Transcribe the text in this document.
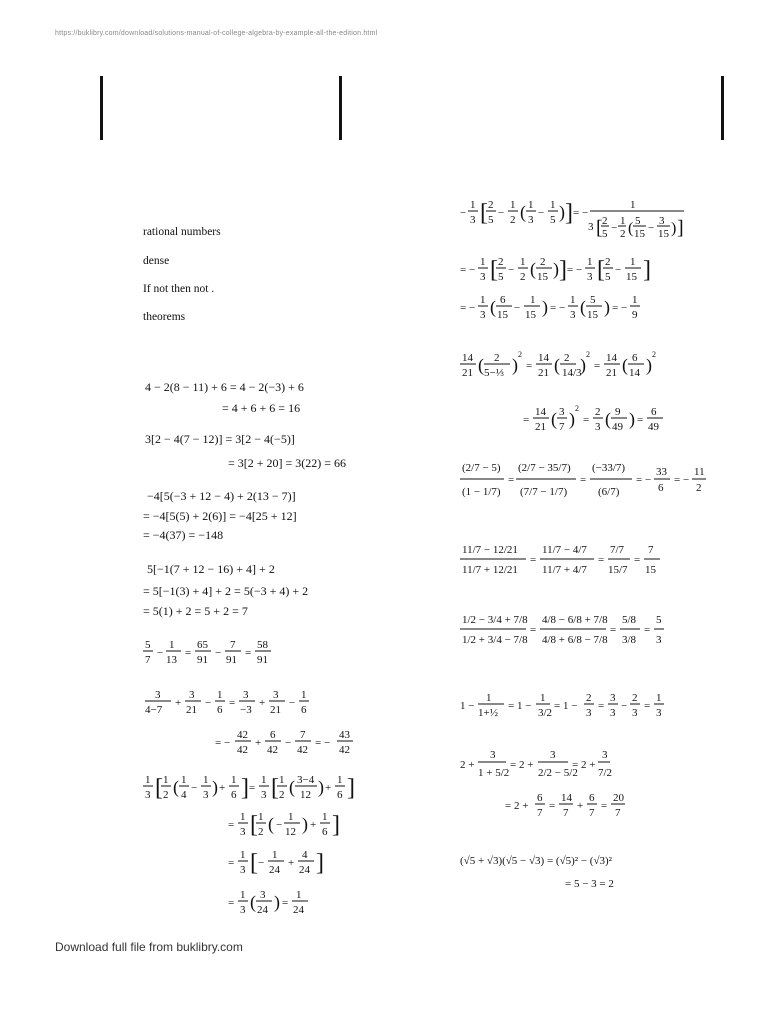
https://buklibry.com/download/solutions-manual-of-college-algebra-by-example-all-the-edition.html
rational numbers
dense
If not then not .
theorems
4 − 2(8 − 11) + 6 = 4 − 2(−3) + 6
= 4 + 6 + 6 = 16
3[2 − 4(7 − 12)] = 3[2 − 4(−5)]
= 3[2 + 20] = 3(22) = 66
−4[5(−3 + 12 − 4) + 2(13 − 7)]
= −4[5(5) + 2(6)] = −4[25 + 12]
= −4(37) = −148
5[−1(7 + 12 − 16) + 4] + 2
= 5[−1(3) + 4] + 2 = 5(−3 + 4) + 2
= 5(1) + 2 = 5 + 2 = 7
5
7
−
1
13
=
65
91
−
7
91
=
58
91
3
4−7
+
3
21
−
1
6
=
3
−3
+
3
21
−
1
6
= −
42
42
+
6
42
−
7
42
= −
43
42
1
3 [ 1
2 ( 1
4
−
1
3 ) +
1
6 ] =
1
3 [ 1
2 ( 3−4
12 ) +
1
6 ]
=
1
3 [ 1
2 ( −
1
12 ) +
1
6 ]
=
1
3 [ −
1
24
+
4
24 ]
=
1
3 ( 3
24 ) =
1
24
−
1
3 [ 2
5
−
1
2 ( 1
3
−
1
5 ) ] = −
1
3 [ 2
5 −
1
2 ( 5
15 −
3
15 ) ]
= −
1
3 [ 2
5
−
1
2 ( 2
15 ) ] = −
1
3 [ 2
5
−
1
15 ]
= −
1
3 ( 6
15
−
1
15 ) = −
1
3 ( 5
15 ) = −
1
9
14
21 ( 2
5−⅓ )
2
=
14
21 ( 2
14/3
)
2
=
14
21 ( 6
14 )
2
=
14
21 ( 3
7 )
2
=
2
3 ( 9
49 ) =
6
49
(2/7 − 5)
(1 − 1/7)
=
(2/7 − 35/7)
(7/7 − 1/7)
=
(−33/7)
(6/7)
= −
33
6
= −
11
2
11/7 − 12/21
11/7 + 12/21
=
11/7 − 4/7
11/7 + 4/7
=
7/7
15/7
=
7
15
1/2 − 3/4 + 7/8
1/2 + 3/4 − 7/8
=
4/8 − 6/8 + 7/8
4/8 + 6/8 − 7/8
=
5/8
3/8
=
5
3
1 −
1
1+½
= 1 −
1
3/2
= 1 −
2
3
=
3
3
−
2
3
=
1
3
2 +
3
1 + 5/2
= 2 +
3
2/2 − 5/2
= 2 +
3
7/2
= 2 +
6
7
=
14
7
+
6
7
=
20
7
(√5 + √3)(√5 − √3) = (√5)² − (√3)²
= 5 − 3 = 2
Download full file from buklibry.com
